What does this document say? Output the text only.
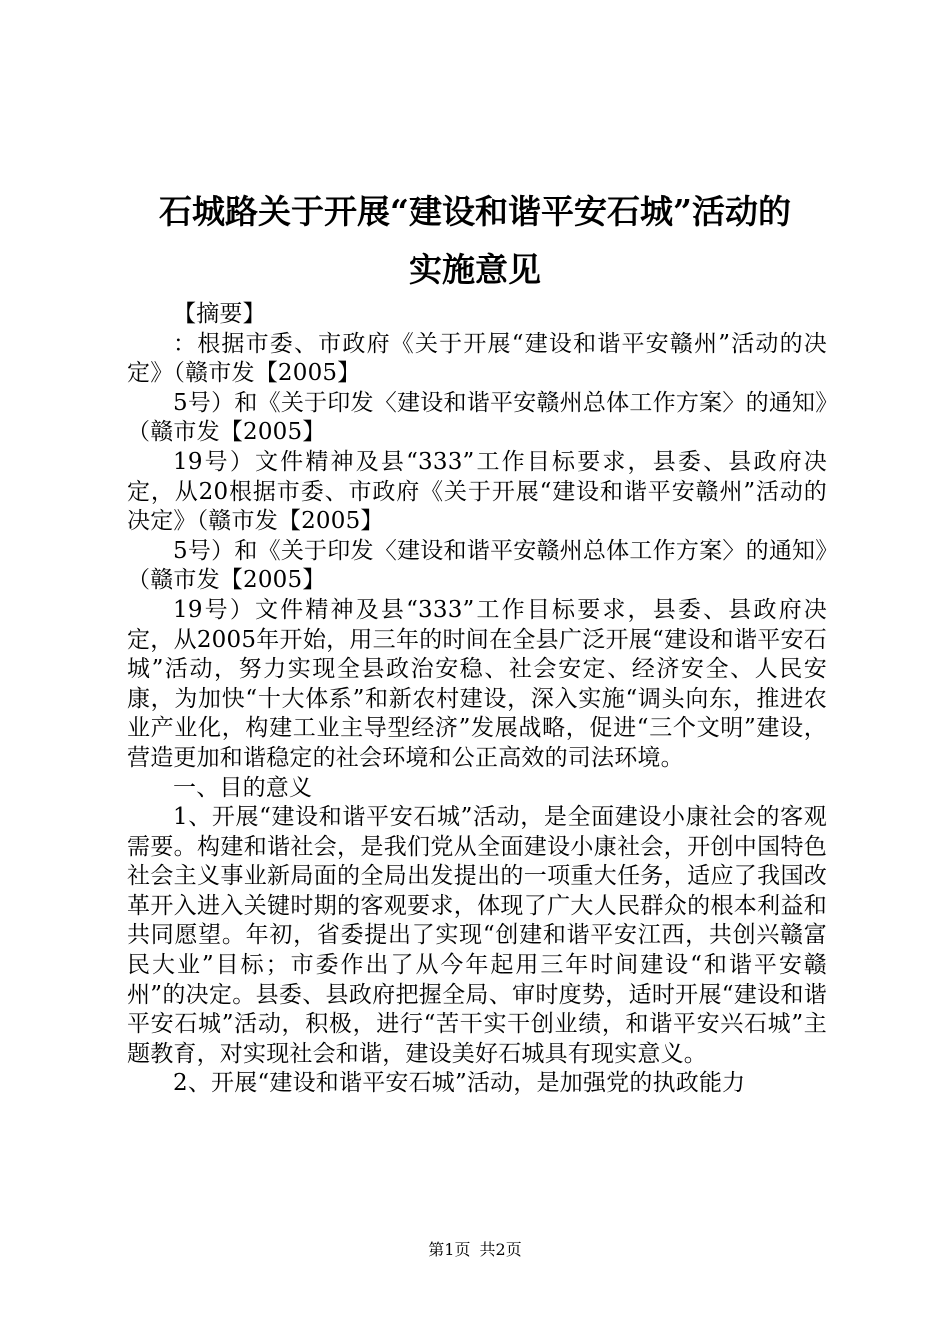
石城路关于开展“建设和谐平安石城”活动的
实施意见

【摘要】

：根据市委、市政府《关于开展“建设和谐平安赣州”活动的决定》（赣市发【2005】

5号）和《关于印发〈建设和谐平安赣州总体工作方案〉的通知》（赣市发【2005】

19号）文件精神及县“333”工作目标要求，县委、县政府决定，从20根据市委、市政府《关于开展“建设和谐平安赣州”活动的决定》（赣市发【2005】

5号）和《关于印发〈建设和谐平安赣州总体工作方案〉的通知》（赣市发【2005】

19号）文件精神及县“333”工作目标要求，县委、县政府决定，从2005年开始，用三年的时间在全县广泛开展“建设和谐平安石城”活动，努力实现全县政治安稳、社会安定、经济安全、人民安康，为加快“十大体系”和新农村建设，深入实施“调头向东，推进农业产业化，构建工业主导型经济”发展战略，促进“三个文明”建设，营造更加和谐稳定的社会环境和公正高效的司法环境。

一、目的意义

1、开展“建设和谐平安石城”活动，是全面建设小康社会的客观需要。构建和谐社会，是我们党从全面建设小康社会，开创中国特色社会主义事业新局面的全局出发提出的一项重大任务，适应了我国改革开入进入关键时期的客观要求，体现了广大人民群众的根本利益和共同愿望。年初，省委提出了实现“创建和谐平安江西，共创兴赣富民大业”目标；市委作出了从今年起用三年时间建设“和谐平安赣州”的决定。县委、县政府把握全局、审时度势，适时开展“建设和谐平安石城”活动，积极，进行“苦干实干创业绩，和谐平安兴石城”主题教育，对实现社会和谐，建设美好石城具有现实意义。

2、开展“建设和谐平安石城”活动，是加强党的执政能力

第1页 共2页
